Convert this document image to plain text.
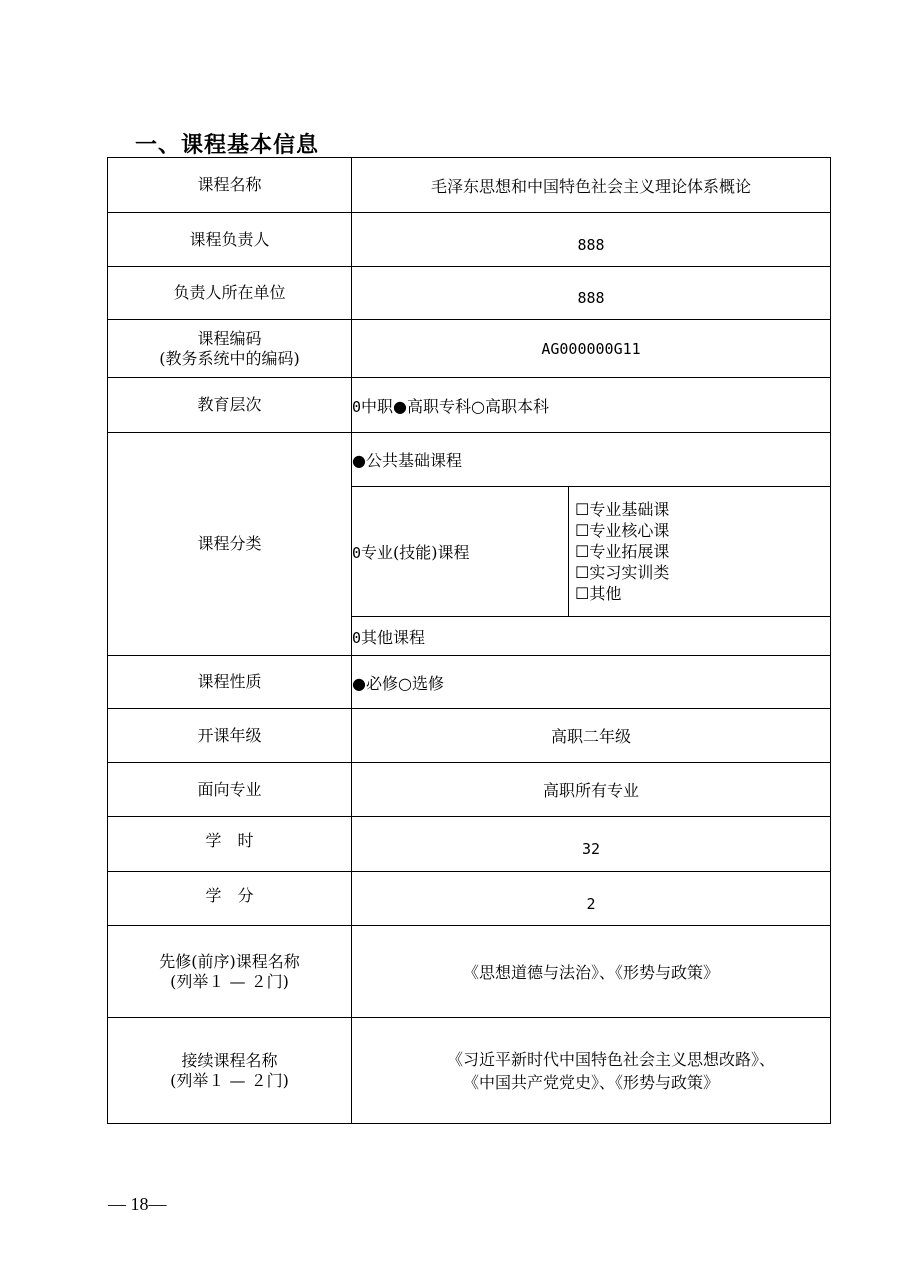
一、课程基本信息
课程名称	毛泽东思想和中国特色社会主义理论体系概论	
课程负责人	888	
负责人所在单位	888	

课程编码
(教务系统中的编码)	AG000000G11	
教育层次	0中职●高职专科○高职本科	
课程分类	●公共基础课程	
	0专业(技能)课程	☐专业基础课
☐专业核心课
☐专业拓展课
☐实习实训类
☐其他

	0其他课程	
课程性质	●必修○选修	
开课年级	高职二年级	
面向专业	高职所有专业	
学　时	32	
学　分	2	

先修(前序)课程名称
(列举１ — ２门)	《思想道德与法治》、《形势与政策》	

接续课程名称
(列举１ — ２门)	《习近平新时代中国特色社会主义思想改路》、
《中国共产党党史》、《形势与政策》	
— 18—
